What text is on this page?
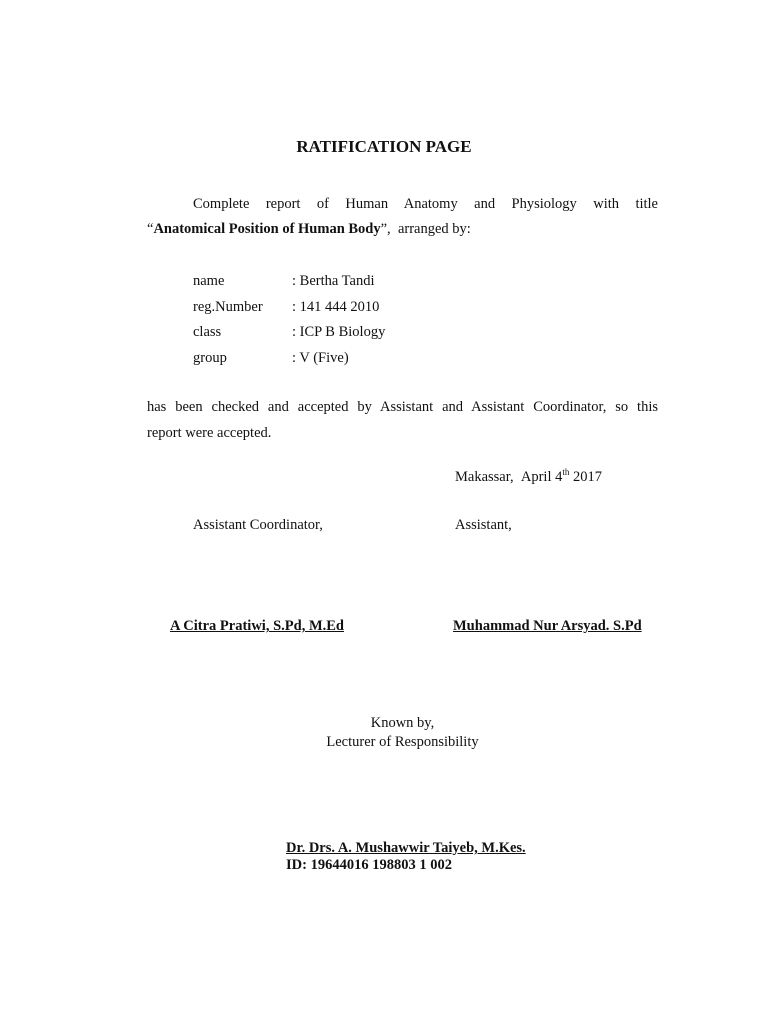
RATIFICATION PAGE
Complete report of Human Anatomy and Physiology with title
“Anatomical Position of Human Body”, arranged by:
name	: Bertha Tandi
reg.Number : 141 444 2010
class	: ICP B Biology
group	: V (Five)
has been checked and accepted by Assistant and Assistant Coordinator, so this
report were accepted.
Makassar, April 4th 2017
Assistant Coordinator,	Assistant,
A Citra Pratiwi, S.Pd, M.Ed	Muhammad Nur Arsyad. S.Pd
Known by,
Lecturer of Responsibility
Dr. Drs. A. Mushawwir Taiyeb, M.Kes.
ID: 19644016 198803 1 002
